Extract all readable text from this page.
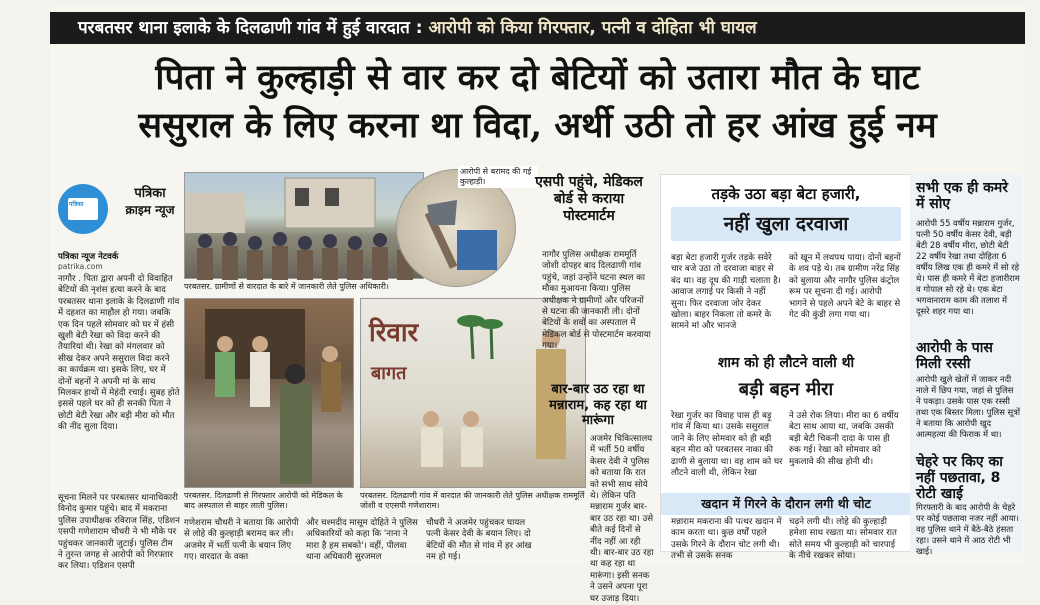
परबतसर थाना इलाके के दिलढाणी गांव में हुई वारदात : आरोपी को किया गिरफ्तार, पत्नी व दोहिता भी घायल
पिता ने कुल्हाड़ी से वार कर दो बेटियों को उतारा मौत के घाट
ससुराल के लिए करना था विदा, अर्थी उठी तो हर आंख हुई नम
पत्रिका
पत्रिका
क्राइम न्यूज
पत्रिका न्यूज नेटवर्क
patrika.com
नागौर . पिता द्वारा अपनी दो विवाहित बेटियों की नृशंस हत्या करने के बाद परबतसर थाना इलाके के दिलढाणी गांव में दहशत का माहौल हो गया। जबकि एक दिन पहले सोमवार को घर में हंसी खुशी बेटी रेखा को विदा करने की तैयारियां थी। रेखा को मंगलवार को सीख देकर अपने ससुराल विदा करने का कार्यक्रम था। इसके लिए, घर में दोनों बहनों ने अपनी मां के साथ मिलकर हाथों में मेहंदी रचाई। सुबह होते इससे पहले घर को ही सनकी पिता ने छोटी बेटी रेखा और बड़ी मीरा को मौत की नींद सुला दिया।
सूचना मिलने पर परबतसर थानाधिकारी विनोद कुमार पहुंचे। बाद में मकराना पुलिस उपाधीक्षक रविराज सिंह, एडिशन एसपी गणेशाराम चौधरी ने भी मौके पर पहुंचकर जानकारी जुटाई। पुलिस टीम ने तुरन्त जगह से आरोपी को गिरफ्तार कर लिया। एडिशन एसपी
आरोपी से बरामद की गई कुल्हाड़ी।
परबतसर. ग्रामीणों से वारदात के बारे में जानकारी लेते पुलिस अधिकारी।
परबतसर. दिलढाणी से गिरफ्तार आरोपी को मेडिकल के बाद अस्पताल से बाहर लाती पुलिस।
रिवार
बागत
परबतसर. दिलढाणी गांव में वारदात की जानकारी लेते पुलिस अधीक्षक राममूर्ति जोशी व एएसपी गणेशाराम।
गणेशराम चौधरी ने बताया कि आरोपी से लोहे की कुल्हाड़ी बरामद कर ली। अजमेर में भर्ती पत्नी के बयान लिए गए। वारदात के वक्त
और चश्मदीद मासूम दोहिते ने पुलिस अधिकारियों को कहा कि 'नाना ने मारा है हम सबको'। वहीं, पीलवा थाना अधिकारी सुरजमल
चौधरी ने अजमेर पहुंचकर घायल पत्नी केसर देवी के बयान लिए। दो बेटियों की मौत से गांव में हर आंख नम हो गई।
एसपी पहुंचे, मेडिकल बोर्ड से कराया पोस्टमार्टम
नागौर पुलिस अधीक्षक राममूर्ति जोशी दोपहर बाद दिलढाणी गांव पहुंचे, जहां उन्होंने घटना स्थल का मौका मुआयना किया। पुलिस अधीक्षक ने ग्रामीणों और परिजनों से घटना की जानकारी ली। दोनों बेटियों के शवों का अस्पताल में मेडिकल बोर्ड से पोस्टमार्टम करवाया गया।
बार-बार उठ रहा था मन्नाराम, कह रहा था मारूंगा
अजमेर चिकित्सालय में भर्ती 50 वर्षीय केसर देवी ने पुलिस को बताया कि रात को सभी साथ सोये थे। लेकिन पति मन्नाराम गुर्जर बार-बार उठ रहा था। उसे बीते कई दिनों से नींद नहीं आ रही थी। बार-बार उठ रहा था कह रहा था मारूंगा। इसी सनक ने उसने अपना पूरा घर उजाड़ दिया।
तड़के उठा बड़ा बेटा हजारी,
नहीं खुला दरवाजा
बड़ा बेटा हजारी गुर्जर तड़के सवेरे चार बजे उठा तो दरवाजा बाहर से बंद था। वह दूध की गाड़ी चलाता है। आवाज लगाई पर किसी ने नहीं सुना। फिर दरवाजा जोर देकर खोला। बाहर निकला तो कमरे के सामने मां और भानजे
को खून में लथपथ पाया। दोनों बहनों के शव पड़े थे। तब ग्रामीण नरेंद्र सिंह को बुलाया और नागौर पुलिस कंट्रोल रूम पर सूचना दी गई। आरोपी भागने से पहले अपने बेटे के बाहर से गेट की कुंडी लगा गया था।
शाम को ही लौटने वाली थी
बड़ी बहन मीरा
रेखा गुर्जर का विवाह पास ही बड़ू गांव में किया था। उसके ससुराल जाने के लिए सोमवार को ही बड़ी बहन मीरा को परबतसर नाका की ढाणी से बुलाया था। वह शाम को घर लौटने वाली थी, लेकिन रेखा
ने उसे रोक लिया। मीरा का 6 वर्षीय बेटा साथ आया था, जबकि उसकी बड़ी बेटी चिकनी दादा के पास ही रुक गई। रेखा को सोमवार को मुकलावे की सीख होनी थी।
खदान में गिरने के दौरान लगी थी चोट
मन्नाराम मकराना की पत्थर खदान में काम करता था। कुछ वर्षों पहले उसके गिरने के दौरान चोट लगी थी। तभी से उसके सनक
चढ़ने लगी थी। लोहे की कुल्हाड़ी हमेशा साथ रखता था। सोमवार रात सोते समय भी कुल्हाड़ी को चारपाई के नीचे रखकर सोया।
सभी एक ही कमरे में सोए
आरोपी 55 वर्षीय मन्नाराम गुर्जर, पत्नी 50 वर्षीय केसर देवी, बड़ी बेटी 28 वर्षीय मीरा, छोटी बेटी 22 वर्षीय रेखा तथा दोहिता 6 वर्षीय लिख एक ही कमरे में सो रहे थे। पास ही कमरे में बेटा हजारीराम व गोपाल सो रहे थे। एक बेटा भगवानाराम काम की तलाश में दूसरे शहर गया था।
आरोपी के पास मिली रस्सी
आरोपी खुले खेतों में जाकर नदी नाले में छिप गया, जहां से पुलिस ने पकड़ा। उसके पास एक रस्सी तथा एक बिस्तर मिला। पुलिस सूत्रों ने बताया कि आरोपी खुद आत्महत्या की फिराक में था।
चेहरे पर किए का नहीं पछतावा, 8 रोटी खाई
गिरफ्तारी के बाद आरोपी के चेहरे पर कोई पछतावा नजर नहीं आया। वह पुलिस थाने में बैठे-बैठे हंसता रहा। उसने थाने में आठ रोटी भी खाई।
